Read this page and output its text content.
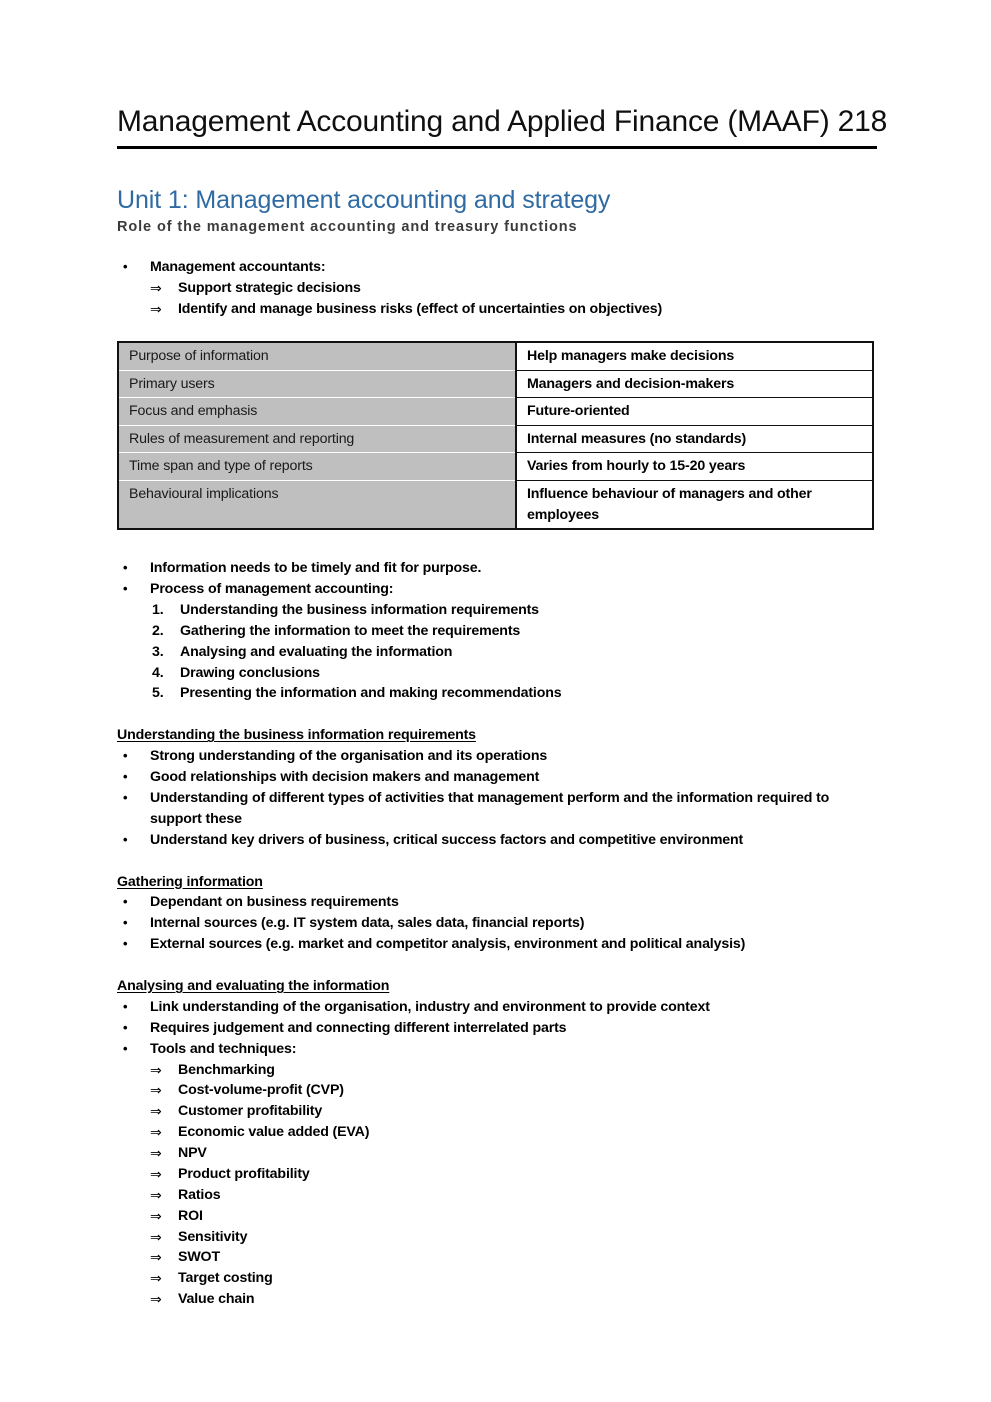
Management Accounting and Applied Finance (MAAF) 218
Unit 1: Management accounting and strategy
Role of the management accounting and treasury functions
• Management accountants:
⇒ Support strategic decisions
⇒ Identify and manage business risks (effect of uncertainties on objectives)
Purpose of information	Help managers make decisions
Primary users	Managers and decision-makers
Focus and emphasis	Future-oriented
Rules of measurement and reporting	Internal measures (no standards)
Time span and type of reports	Varies from hourly to 15-20 years
Behavioural implications	Influence behaviour of managers and other employees
• Information needs to be timely and fit for purpose.
• Process of management accounting:
1. Understanding the business information requirements
2. Gathering the information to meet the requirements
3. Analysing and evaluating the information
4. Drawing conclusions
5. Presenting the information and making recommendations
Understanding the business information requirements
• Strong understanding of the organisation and its operations
• Good relationships with decision makers and management
• Understanding of different types of activities that management perform and the information required to support these
• Understand key drivers of business, critical success factors and competitive environment
Gathering information
• Dependant on business requirements
• Internal sources (e.g. IT system data, sales data, financial reports)
• External sources (e.g. market and competitor analysis, environment and political analysis)
Analysing and evaluating the information
• Link understanding of the organisation, industry and environment to provide context
• Requires judgement and connecting different interrelated parts
• Tools and techniques:
⇒ Benchmarking
⇒ Cost-volume-profit (CVP)
⇒ Customer profitability
⇒ Economic value added (EVA)
⇒ NPV
⇒ Product profitability
⇒ Ratios
⇒ ROI
⇒ Sensitivity
⇒ SWOT
⇒ Target costing
⇒ Value chain
